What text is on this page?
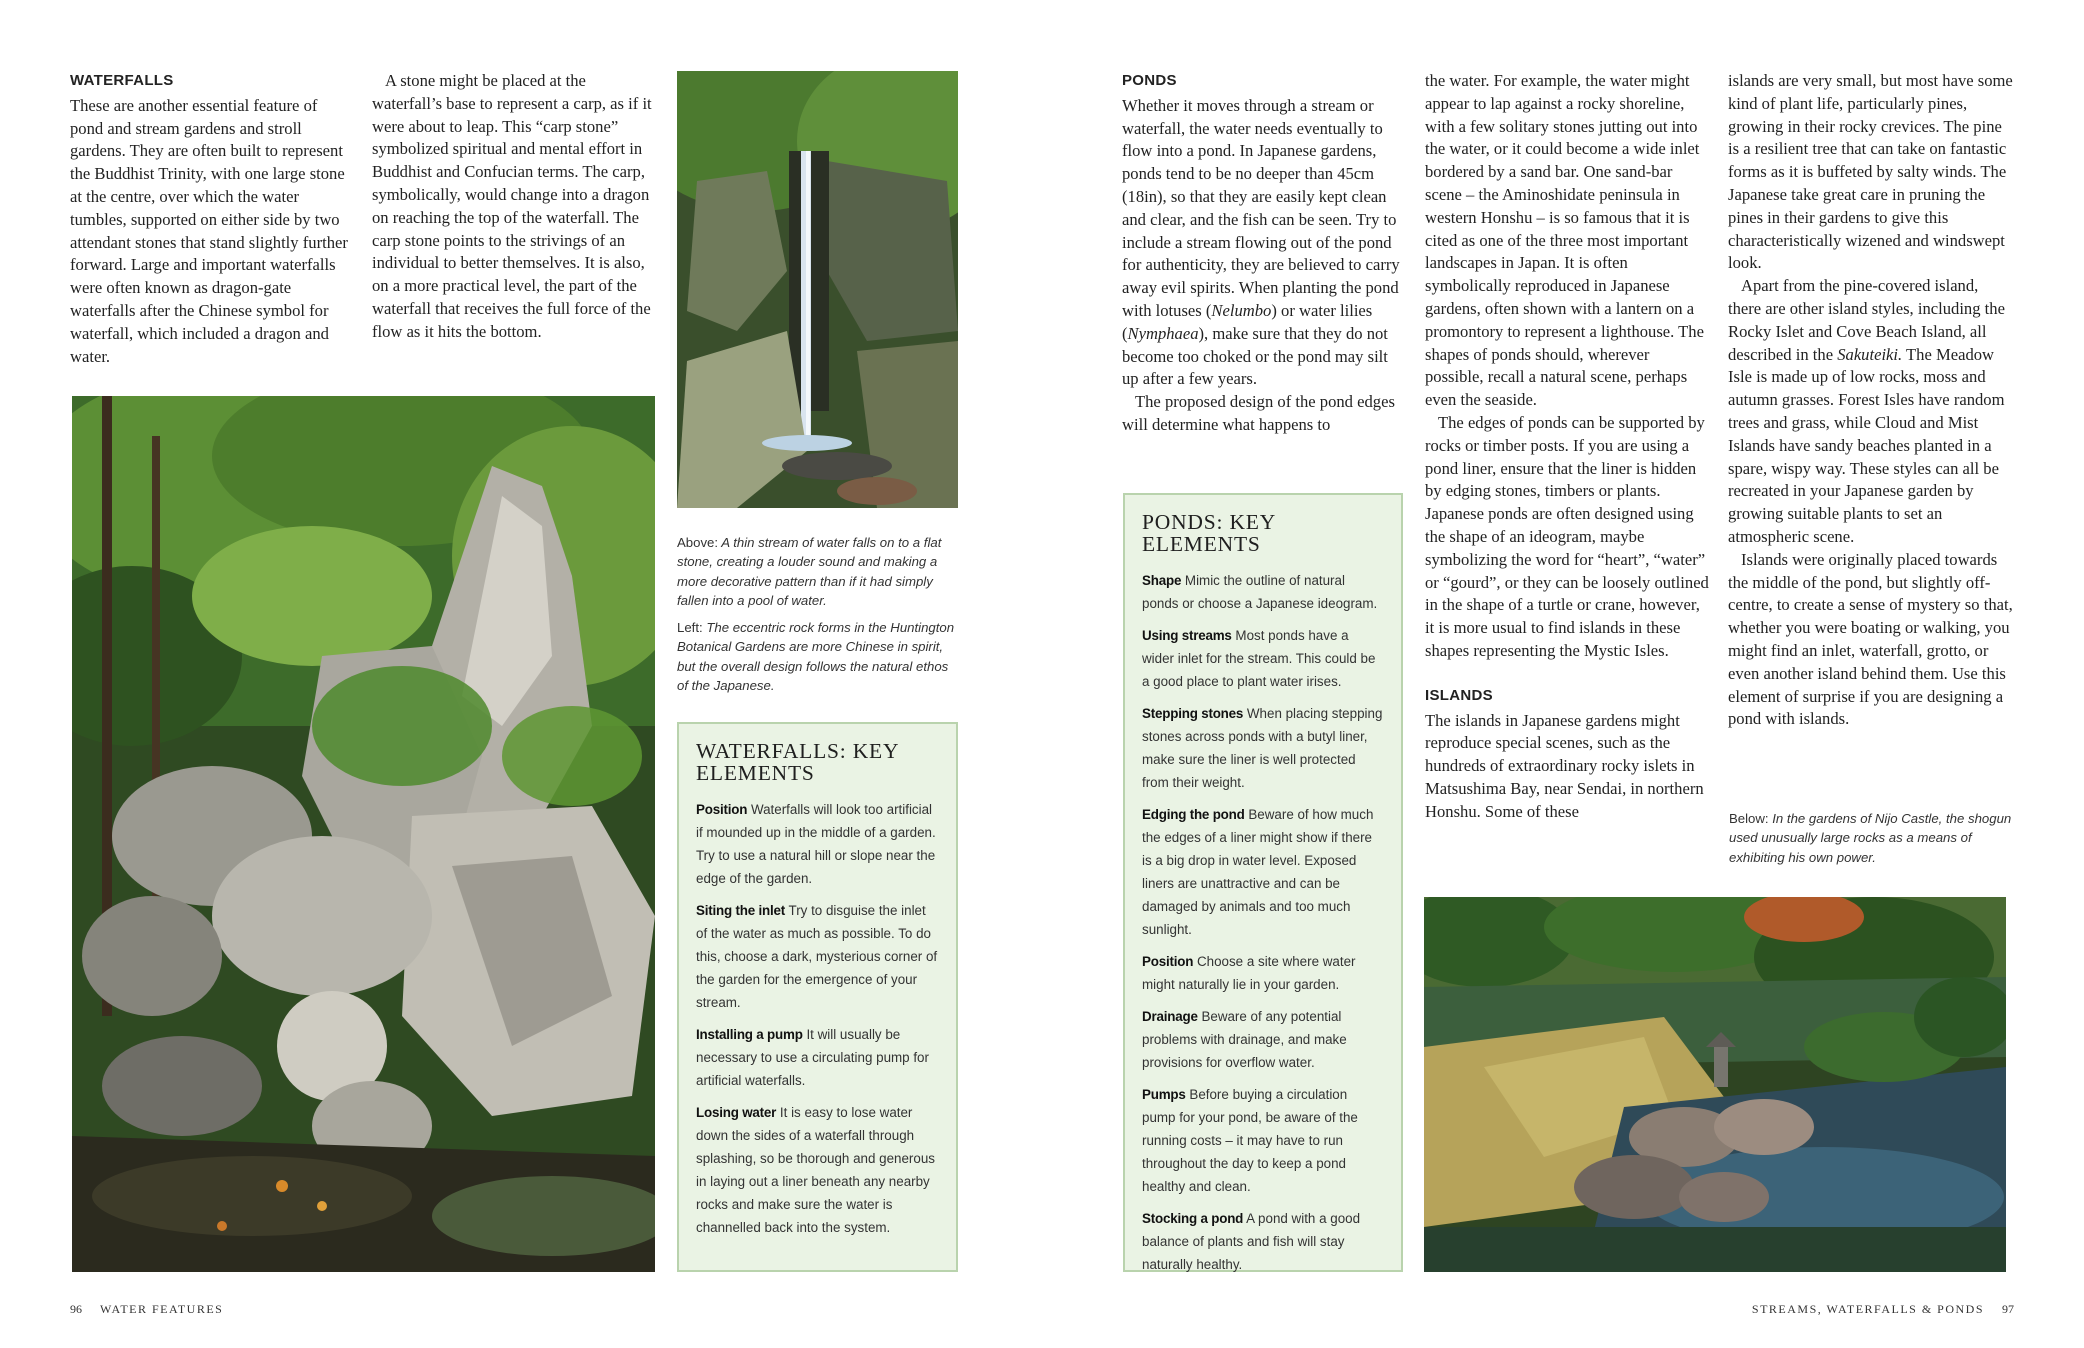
WATERFALLS

These are another essential feature of pond and stream gardens and stroll gardens. They are often built to represent the Buddhist Trinity, with one large stone at the centre, over which the water tumbles, supported on either side by two attendant stones that stand slightly further forward. Large and important waterfalls were often known as dragon-gate waterfalls after the Chinese symbol for waterfall, which included a dragon and water.

A stone might be placed at the waterfall’s base to represent a carp, as if it were about to leap. This “carp stone” symbolized spiritual and mental effort in Buddhist and Confucian terms. The carp, symbolically, would change into a dragon on reaching the top of the waterfall. The carp stone points to the strivings of an individual to better themselves. It is also, on a more practical level, the part of the waterfall that receives the full force of the flow as it hits the bottom.

Above: A thin stream of water falls on to a flat stone, creating a louder sound and making a more decorative pattern than if it had simply fallen into a pool of water.

Left: The eccentric rock forms in the Huntington Botanical Gardens are more Chinese in spirit, but the overall design follows the natural ethos of the Japanese.

WATERFALLS: KEY
ELEMENTS
Position Waterfalls will look too artificial if mounded up in the middle of a garden. Try to use a natural hill or slope near the edge of the garden.
Siting the inlet Try to disguise the inlet of the water as much as possible. To do this, choose a dark, mysterious corner of the garden for the emergence of your stream.
Installing a pump It will usually be necessary to use a circulating pump for artificial waterfalls.
Losing water It is easy to lose water down the sides of a waterfall through splashing, so be thorough and generous in laying out a liner beneath any nearby rocks and make sure the water is channelled back into the system.
96 WATER FEATURES
PONDS

Whether it moves through a stream or waterfall, the water needs eventually to flow into a pond. In Japanese gardens, ponds tend to be no deeper than 45cm (18in), so that they are easily kept clean and clear, and the fish can be seen. Try to include a stream flowing out of the pond for authenticity, they are believed to carry away evil spirits. When planting the pond with lotuses (Nelumbo) or water lilies (Nymphaea), make sure that they do not become too choked or the pond may silt up after a few years.

The proposed design of the pond edges will determine what happens to

PONDS: KEY
ELEMENTS
Shape Mimic the outline of natural ponds or choose a Japanese ideogram.
Using streams Most ponds have a wider inlet for the stream. This could be a good place to plant water irises.
Stepping stones When placing stepping stones across ponds with a butyl liner, make sure the liner is well protected from their weight.
Edging the pond Beware of how much the edges of a liner might show if there is a big drop in water level. Exposed liners are unattractive and can be damaged by animals and too much sunlight.
Position Choose a site where water might naturally lie in your garden.
Drainage Beware of any potential problems with drainage, and make provisions for overflow water.
Pumps Before buying a circulation pump for your pond, be aware of the running costs – it may have to run throughout the day to keep a pond healthy and clean.
Stocking a pond A pond with a good balance of plants and fish will stay naturally healthy.

the water. For example, the water might appear to lap against a rocky shoreline, with a few solitary stones jutting out into the water, or it could become a wide inlet bordered by a sand bar. One sand-bar scene – the Aminoshidate peninsula in western Honshu – is so famous that it is cited as one of the three most important landscapes in Japan. It is often symbolically reproduced in Japanese gardens, often shown with a lantern on a promontory to represent a lighthouse. The shapes of ponds should, wherever possible, recall a natural scene, perhaps even the seaside.

The edges of ponds can be supported by rocks or timber posts. If you are using a pond liner, ensure that the liner is hidden by edging stones, timbers or plants. Japanese ponds are often designed using the shape of an ideogram, maybe symbolizing the word for “heart”, “water” or “gourd”, or they can be loosely outlined in the shape of a turtle or crane, however, it is more usual to find islands in these shapes representing the Mystic Isles.

ISLANDS

The islands in Japanese gardens might reproduce special scenes, such as the hundreds of extraordinary rocky islets in Matsushima Bay, near Sendai, in northern Honshu. Some of these

islands are very small, but most have some kind of plant life, particularly pines, growing in their rocky crevices. The pine is a resilient tree that can take on fantastic forms as it is buffeted by salty winds. The Japanese take great care in pruning the pines in their gardens to give this characteristically wizened and windswept look.

Apart from the pine-covered island, there are other island styles, including the Rocky Islet and Cove Beach Island, all described in the Sakuteiki. The Meadow Isle is made up of low rocks, moss and autumn grasses. Forest Isles have random trees and grass, while Cloud and Mist Islands have sandy beaches planted in a spare, wispy way. These styles can all be recreated in your Japanese garden by growing suitable plants to set an atmospheric scene.

Islands were originally placed towards the middle of the pond, but slightly off-centre, to create a sense of mystery so that, whether you were boating or walking, you might find an inlet, waterfall, grotto, or even another island behind them. Use this element of surprise if you are designing a pond with islands.

Below: In the gardens of Nijo Castle, the shogun used unusually large rocks as a means of exhibiting his own power.

STREAMS, WATERFALLS & PONDS 97
